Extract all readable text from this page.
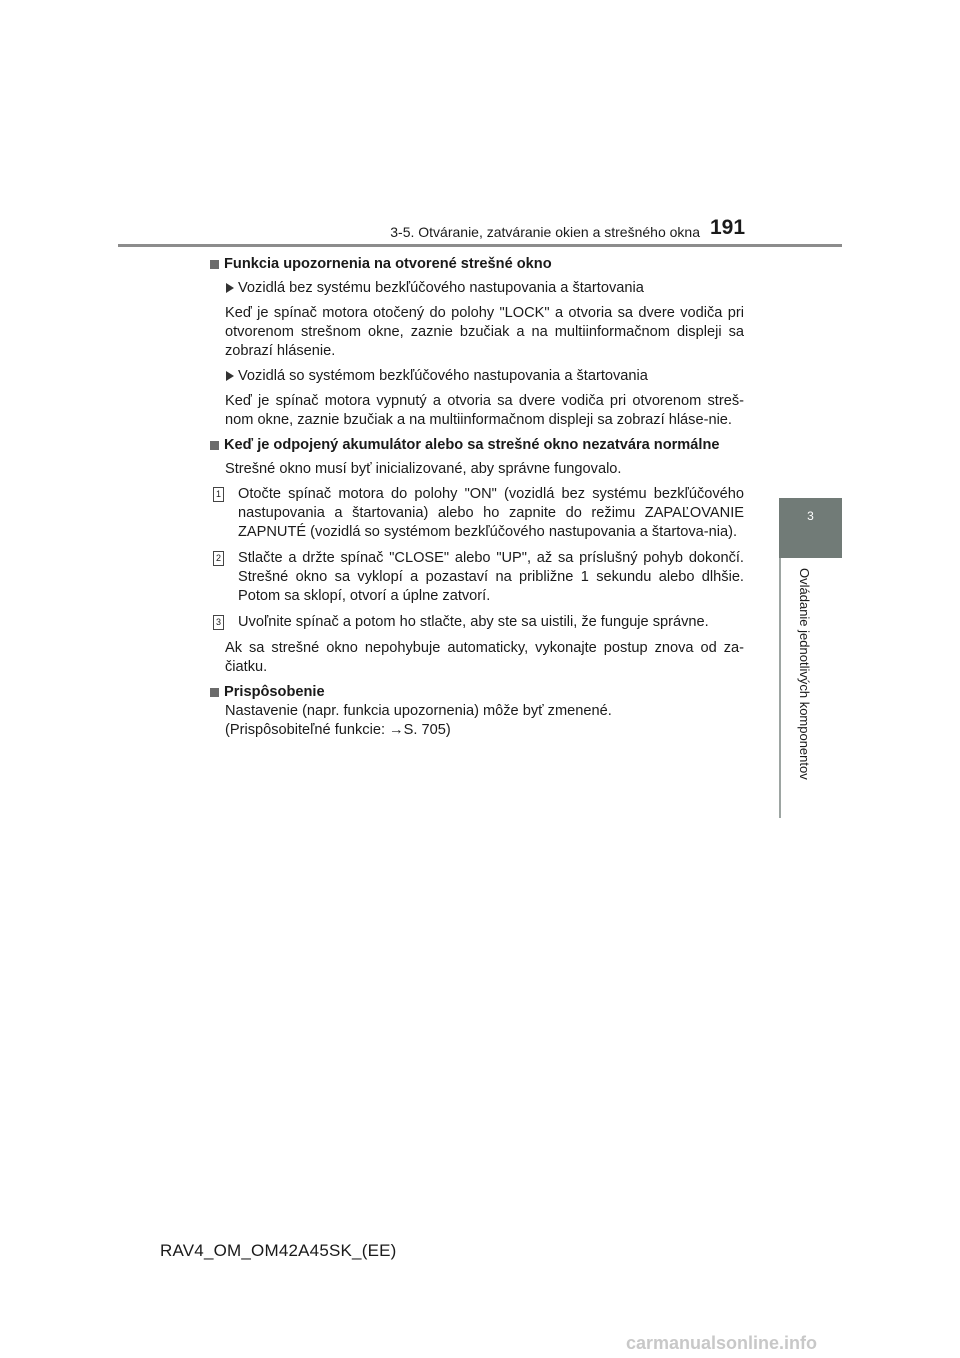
3-5. Otváranie, zatváranie okien a strešného okna 191
3
Ovládanie jednotlivých komponentov
Funkcia upozornenia na otvorené strešné okno
Vozidlá bez systému bezkľúčového nastupovania a štartovania

Keď je spínač motora otočený do polohy "LOCK" a otvoria sa dvere vodiča pri otvorenom strešnom okne, zaznie bzučiak a na multiinformačnom displeji sa zobrazí hlásenie.

Vozidlá so systémom bezkľúčového nastupovania a štartovania

Keď je spínač motora vypnutý a otvoria sa dvere vodiča pri otvorenom streš-nom okne, zaznie bzučiak a na multiinformačnom displeji sa zobrazí hláse-nie.

Keď je odpojený akumulátor alebo sa strešné okno nezatvára normálne

Strešné okno musí byť inicializované, aby správne fungovalo.

1 Otočte spínač motora do polohy "ON" (vozidlá bez systému bezkľúčového nastupovania a štartovania) alebo ho zapnite do režimu ZAPAĽOVANIE ZAPNUTÉ (vozidlá so systémom bezkľúčového nastupovania a štartova-nia).
2 Stlačte a držte spínač "CLOSE" alebo "UP", až sa príslušný pohyb dokončí. Strešné okno sa vyklopí a pozastaví na približne 1 sekundu alebo dlhšie. Potom sa sklopí, otvorí a úplne zatvorí.
3 Uvoľnite spínač a potom ho stlačte, aby ste sa uistili, že funguje správne.

Ak sa strešné okno nepohybuje automaticky, vykonajte postup znova od za-čiatku.

Prispôsobenie

Nastavenie (napr. funkcia upozornenia) môže byť zmenené.

(Prispôsobiteľné funkcie: →S. 705)

RAV4_OM_OM42A45SK_(EE)
carmanualsonline.info
